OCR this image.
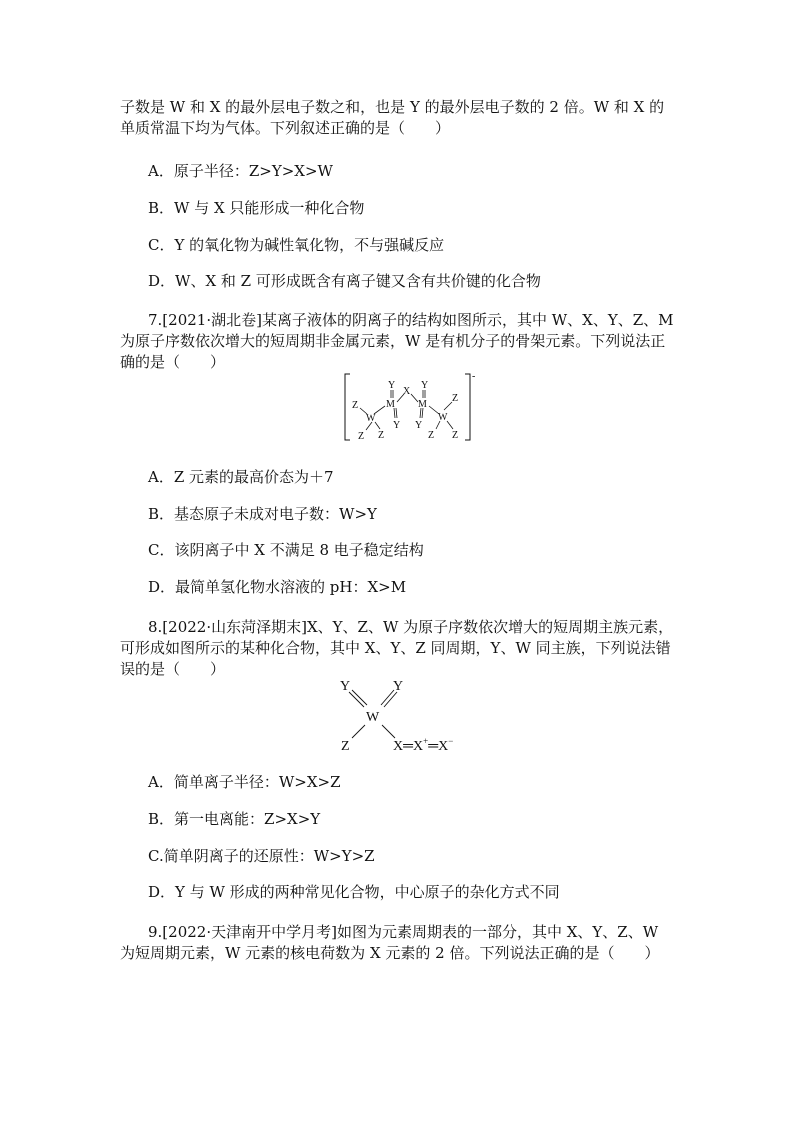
子数是 W 和 X 的最外层电子数之和，也是 Y 的最外层电子数的 2 倍。W 和 X 的单质常温下均为气体。下列叙述正确的是（　　）

A．原子半径：Z>Y>X>W
B．W 与 X 只能形成一种化合物
C．Y 的氧化物为碱性氧化物，不与强碱反应
D．W、X 和 Z 可形成既含有离子键又含有共价键的化合物

7.[2021·湖北卷]某离子液体的阴离子的结构如图所示，其中 W、X、Y、Z、M 为原子序数依次增大的短周期非金属元素，W 是有机分子的骨架元素。下列说法正确的是（　　）

-
Z
W
Z Z
Y
M
Y
X
Y
M
Y
W
Z
Z Z
A．Z 元素的最高价态为＋7
B．基态原子未成对电子数：W>Y
C．该阴离子中 X 不满足 8 电子稳定结构
D．最简单氢化物水溶液的 pH：X>M

8.[2022·山东菏泽期末]X、Y、Z、W 为原子序数依次增大的短周期主族元素，可形成如图所示的某种化合物，其中 X、Y、Z 同周期，Y、W 同主族，下列说法错误的是（　　）

Y	Y
W
Z	X═X+═X−
A．简单离子半径：W>X>Z
B．第一电离能：Z>X>Y
C.简单阴离子的还原性：W>Y>Z
D．Y 与 W 形成的两种常见化合物，中心原子的杂化方式不同

9.[2022·天津南开中学月考]如图为元素周期表的一部分，其中 X、Y、Z、W 为短周期元素，W 元素的核电荷数为 X 元素的 2 倍。下列说法正确的是（　　）
